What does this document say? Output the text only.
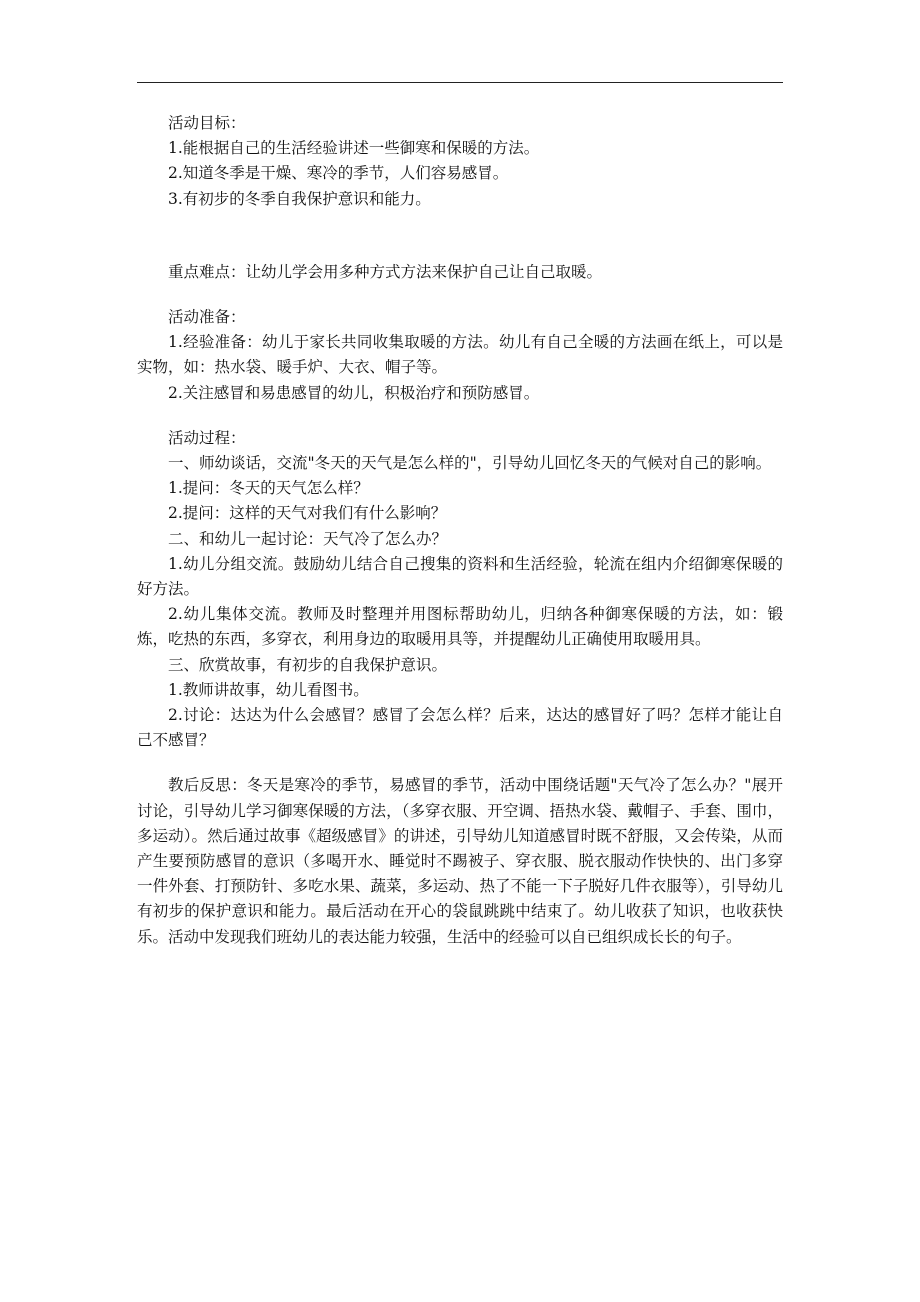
活动目标：

1.能根据自己的生活经验讲述一些御寒和保暖的方法。

2.知道冬季是干燥、寒冷的季节，人们容易感冒。

3.有初步的冬季自我保护意识和能力。

重点难点：让幼儿学会用多种方式方法来保护自己让自己取暖。

活动准备：

1.经验准备：幼儿于家长共同收集取暖的方法。幼儿有自己全暖的方法画在纸上，可以是实物，如：热水袋、暖手炉、大衣、帽子等。

2.关注感冒和易患感冒的幼儿，积极治疗和预防感冒。

活动过程：

一、师幼谈话，交流"冬天的天气是怎么样的"，引导幼儿回忆冬天的气候对自己的影响。

1.提问：冬天的天气怎么样？

2.提问：这样的天气对我们有什么影响？

二、和幼儿一起讨论：天气冷了怎么办？

1.幼儿分组交流。鼓励幼儿结合自己搜集的资料和生活经验，轮流在组内介绍御寒保暖的好方法。

2.幼儿集体交流。教师及时整理并用图标帮助幼儿，归纳各种御寒保暖的方法，如：锻炼，吃热的东西，多穿衣，利用身边的取暖用具等，并提醒幼儿正确使用取暖用具。

三、欣赏故事，有初步的自我保护意识。

1.教师讲故事，幼儿看图书。

2.讨论：达达为什么会感冒？感冒了会怎么样？后来，达达的感冒好了吗？怎样才能让自己不感冒？

教后反思：冬天是寒冷的季节，易感冒的季节，活动中围绕话题"天气冷了怎么办？"展开讨论，引导幼儿学习御寒保暖的方法，（多穿衣服、开空调、捂热水袋、戴帽子、手套、围巾，多运动）。然后通过故事《超级感冒》的讲述，引导幼儿知道感冒时既不舒服，又会传染，从而产生要预防感冒的意识（多喝开水、睡觉时不踢被子、穿衣服、脱衣服动作快快的、出门多穿一件外套、打预防针、多吃水果、蔬菜，多运动、热了不能一下子脱好几件衣服等），引导幼儿有初步的保护意识和能力。最后活动在开心的袋鼠跳跳中结束了。幼儿收获了知识，也收获快乐。活动中发现我们班幼儿的表达能力较强，生活中的经验可以自已组织成长长的句子。
